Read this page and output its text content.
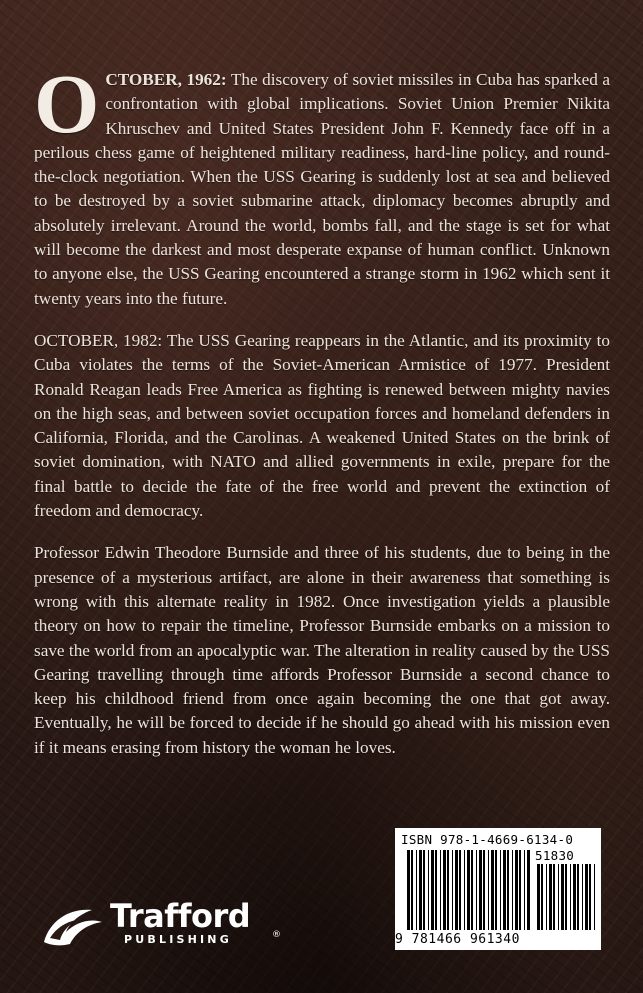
OCTOBER, 1962: The discovery of soviet missiles in Cuba has sparked a confrontation with global implications. Soviet Union Premier Nikita Khruschev and United States President John F. Kennedy face off in a perilous chess game of heightened military readiness, hard-line policy, and round-the-clock negotiation. When the USS Gearing is suddenly lost at sea and believed to be destroyed by a soviet submarine attack, diplomacy becomes abruptly and absolutely irrelevant. Around the world, bombs fall, and the stage is set for what will become the darkest and most desperate expanse of human conflict. Unknown to anyone else, the USS Gearing encountered a strange storm in 1962 which sent it twenty years into the future.

OCTOBER, 1982: The USS Gearing reappears in the Atlantic, and its proximity to Cuba violates the terms of the Soviet-American Armistice of 1977. President Ronald Reagan leads Free America as fighting is renewed between mighty navies on the high seas, and between soviet occupation forces and homeland defenders in California, Florida, and the Carolinas. A weakened United States on the brink of soviet domination, with NATO and allied governments in exile, prepare for the final battle to decide the fate of the free world and prevent the extinction of freedom and democracy.

Professor Edwin Theodore Burnside and three of his students, due to being in the presence of a mysterious artifact, are alone in their awareness that something is wrong with this alternate reality in 1982. Once investigation yields a plausible theory on how to repair the timeline, Professor Burnside embarks on a mission to save the world from an apocalyptic war. The alteration in reality caused by the USS Gearing travelling through time affords Professor Burnside a second chance to keep his childhood friend from once again becoming the one that got away. Eventually, he will be forced to decide if he should go ahead with his mission even if it means erasing from history the woman he loves.

Trafford
PUBLISHING	®
ISBN 978-1-4669-6134-0
51830
9 781466 961340
